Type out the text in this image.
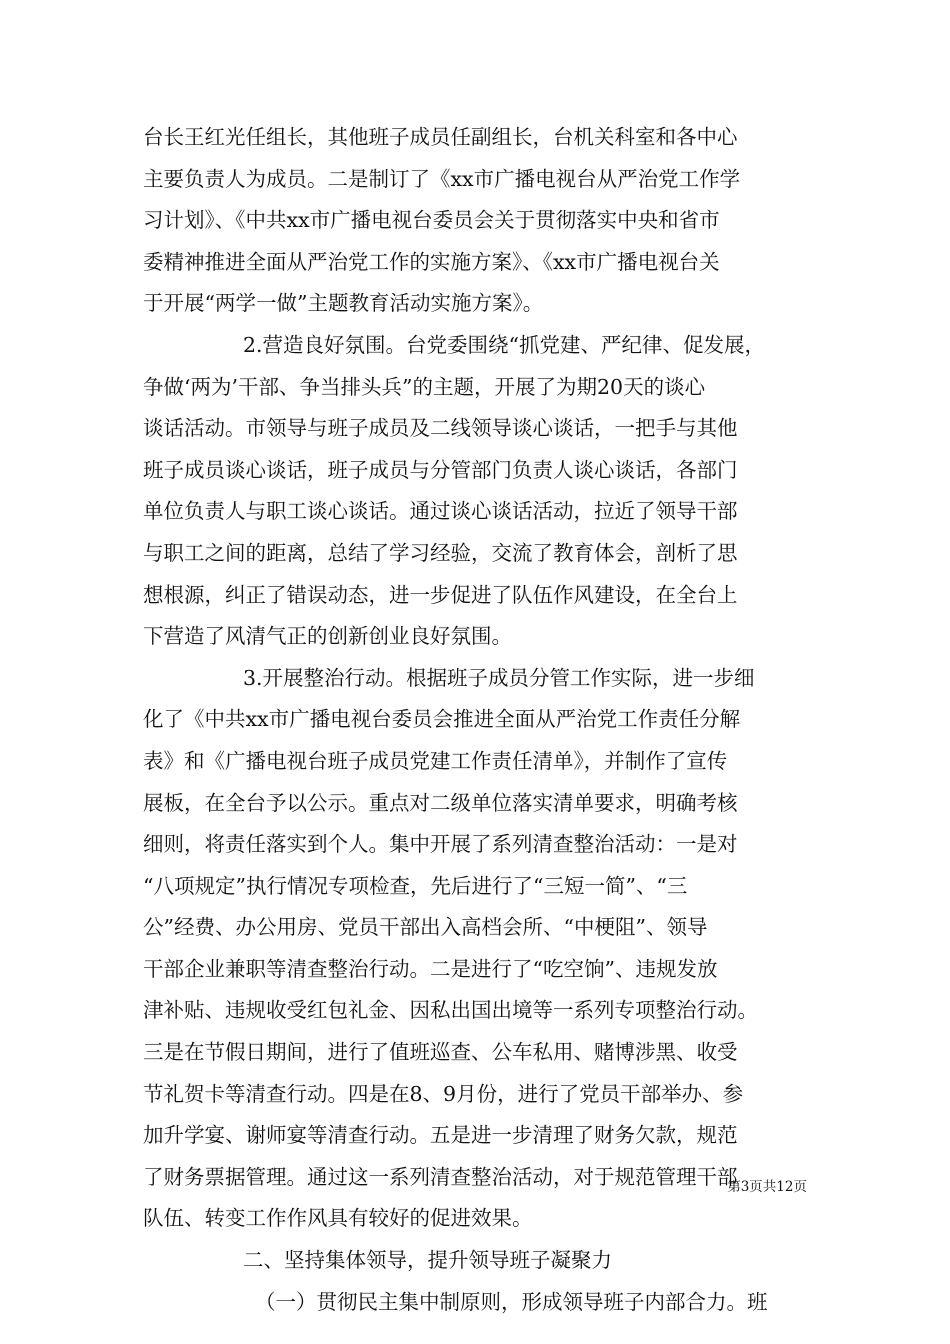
台长王红光任组长，其他班子成员任副组长，台机关科室和各中心
主要负责人为成员。二是制订了《xx市广播电视台从严治党工作学
习计划》、《中共xx市广播电视台委员会关于贯彻落实中央和省市
委精神推进全面从严治党工作的实施方案》、《xx市广播电视台关
于开展“两学一做”主题教育活动实施方案》。
2.营造良好氛围。台党委围绕“抓党建、严纪律、促发展，
争做‘两为’干部、争当排头兵”的主题，开展了为期20天的谈心
谈话活动。市领导与班子成员及二线领导谈心谈话，一把手与其他
班子成员谈心谈话，班子成员与分管部门负责人谈心谈话，各部门
单位负责人与职工谈心谈话。通过谈心谈话活动，拉近了领导干部
与职工之间的距离，总结了学习经验，交流了教育体会，剖析了思
想根源，纠正了错误动态，进一步促进了队伍作风建设，在全台上
下营造了风清气正的创新创业良好氛围。
3.开展整治行动。根据班子成员分管工作实际，进一步细
化了《中共xx市广播电视台委员会推进全面从严治党工作责任分解
表》和《广播电视台班子成员党建工作责任清单》，并制作了宣传
展板，在全台予以公示。重点对二级单位落实清单要求，明确考核
细则，将责任落实到个人。集中开展了系列清查整治活动：一是对
“八项规定”执行情况专项检查，先后进行了“三短一简”、“三
公”经费、办公用房、党员干部出入高档会所、“中梗阻”、领导
干部企业兼职等清查整治行动。二是进行了“吃空饷”、违规发放
津补贴、违规收受红包礼金、因私出国出境等一系列专项整治行动。
三是在节假日期间，进行了值班巡查、公车私用、赌博涉黑、收受
节礼贺卡等清查行动。四是在8、9月份，进行了党员干部举办、参
加升学宴、谢师宴等清查行动。五是进一步清理了财务欠款，规范
了财务票据管理。通过这一系列清查整治活动，对于规范管理干部
队伍、转变工作作风具有较好的促进效果。
二、坚持集体领导，提升领导班子凝聚力
（一）贯彻民主集中制原则，形成领导班子内部合力。班
第3页共12页
